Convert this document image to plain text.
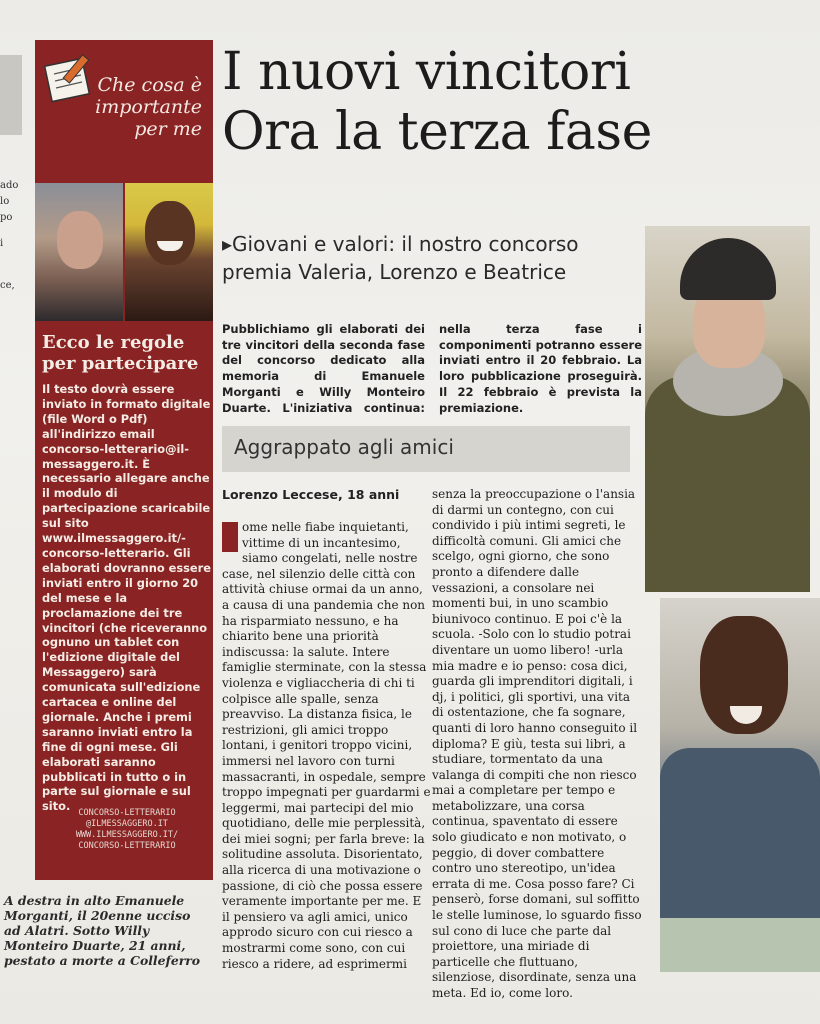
ado
lo
po
i
ce,
Che cosa è importante per me
Ecco le regole per partecipare
Il testo dovrà essere inviato in formato digitale (file Word o Pdf) all'indirizzo email concorso-letterario@il-messaggero.it. È necessario allegare anche il modulo di partecipazione scaricabile sul sito www.ilmessaggero.it/-concorso-letterario. Gli elaborati dovranno essere inviati entro il giorno 20 del mese e la proclamazione dei tre vincitori (che riceveranno ognuno un tablet con l'edizione digitale del Messaggero) sarà comunicata sull'edizione cartacea e online del giornale. Anche i premi saranno inviati entro la fine di ogni mese. Gli elaborati saranno pubblicati in tutto o in parte sul giornale e sul sito. CONCORSO-LETTERARIO
@ILMESSAGGERO.IT
WWW.ILMESSAGGERO.IT/
CONCORSO-LETTERARIO
A destra in alto Emanuele Morganti, il 20enne ucciso ad Alatri. Sotto Willy Monteiro Duarte, 21 anni, pestato a morte a Colleferro
I nuovi vincitori
Ora la terza fase
▸Giovani e valori: il nostro concorso premia Valeria, Lorenzo e Beatrice
Pubblichiamo gli elaborati dei tre vincitori della seconda fase del concorso dedicato alla memoria di Emanuele Morganti e Willy Monteiro Duarte. L'iniziativa continua: nella terza fase i componimenti potranno essere inviati entro il 20 febbraio. La loro pubblicazione proseguirà. Il 22 febbraio è prevista la premiazione.
Aggrappato agli amici
Lorenzo Leccese, 18 anni
ome nelle fiabe inquietanti, vittime di un incantesimo, siamo congelati, nelle nostre case, nel silenzio delle città con attività chiuse ormai da un anno, a causa di una pandemia che non ha risparmiato nessuno, e ha chiarito bene una priorità indiscussa: la salute. Intere famiglie sterminate, con la stessa violenza e vigliaccheria di chi ti colpisce alle spalle, senza preavviso. La distanza fisica, le restrizioni, gli amici troppo lontani, i genitori troppo vicini, immersi nel lavoro con turni massacranti, in ospedale, sempre troppo impegnati per guardarmi e leggermi, mai partecipi del mio quotidiano, delle mie perplessità, dei miei sogni; per farla breve: la solitudine assoluta. Disorientato, alla ricerca di una motivazione o passione, di ciò che possa essere veramente importante per me. E il pensiero va agli amici, unico approdo sicuro con cui riesco a mostrarmi come sono, con cui riesco a ridere, ad esprimermi
senza la preoccupazione o l'ansia di darmi un contegno, con cui condivido i più intimi segreti, le difficoltà comuni. Gli amici che scelgo, ogni giorno, che sono pronto a difendere dalle vessazioni, a consolare nei momenti bui, in uno scambio biunivoco continuo. E poi c'è la scuola. -Solo con lo studio potrai diventare un uomo libero! -urla mia madre e io penso: cosa dici, guarda gli imprenditori digitali, i dj, i politici, gli sportivi, una vita di ostentazione, che fa sognare, quanti di loro hanno conseguito il diploma? E giù, testa sui libri, a studiare, tormentato da una valanga di compiti che non riesco mai a completare per tempo e metabolizzare, una corsa continua, spaventato di essere solo giudicato e non motivato, o peggio, di dover combattere contro uno stereotipo, un'idea errata di me. Cosa posso fare? Ci penserò, forse domani, sul soffitto le stelle luminose, lo sguardo fisso sul cono di luce che parte dal proiettore, una miriade di particelle che fluttuano, silenziose, disordinate, senza una meta. Ed io, come loro.
